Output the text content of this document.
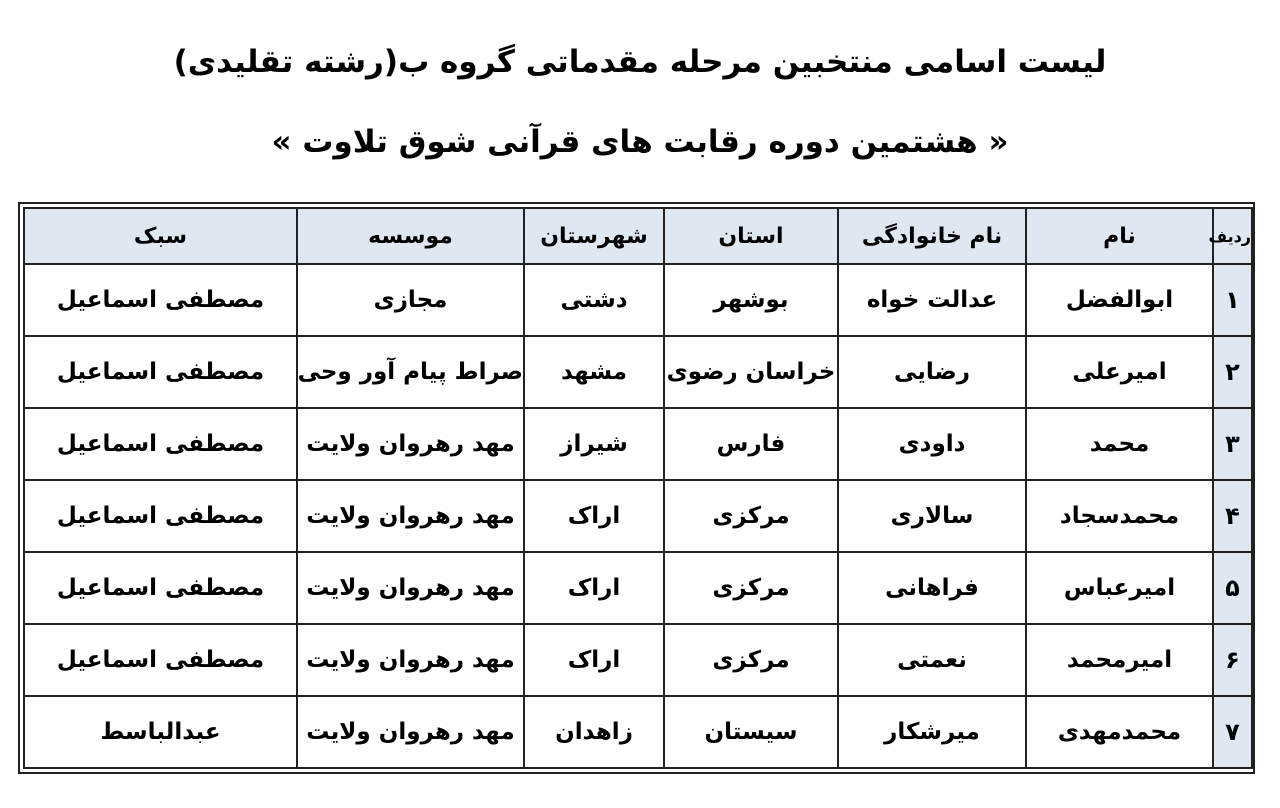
لیست اسامی منتخبین مرحله مقدماتی گروه ب(رشته تقلیدی)
« هشتمین دوره رقابت های قرآنی شوق تلاوت »
ردیف	نام	نام خانوادگی	استان	شهرستان	موسسه	سبک
۱	ابوالفضل	عدالت خواه	بوشهر	دشتی	مجازی	مصطفی اسماعیل
۲	امیرعلی	رضایی	خراسان رضوی	مشهد	صراط پیام آور وحی	مصطفی اسماعیل
۳	محمد	داودی	فارس	شیراز	مهد رهروان ولایت	مصطفی اسماعیل
۴	محمدسجاد	سالاری	مرکزی	اراک	مهد رهروان ولایت	مصطفی اسماعیل
۵	امیرعباس	فراهانی	مرکزی	اراک	مهد رهروان ولایت	مصطفی اسماعیل
۶	امیرمحمد	نعمتی	مرکزی	اراک	مهد رهروان ولایت	مصطفی اسماعیل
۷	محمدمهدی	میرشکار	سیستان	زاهدان	مهد رهروان ولایت	عبدالباسط
